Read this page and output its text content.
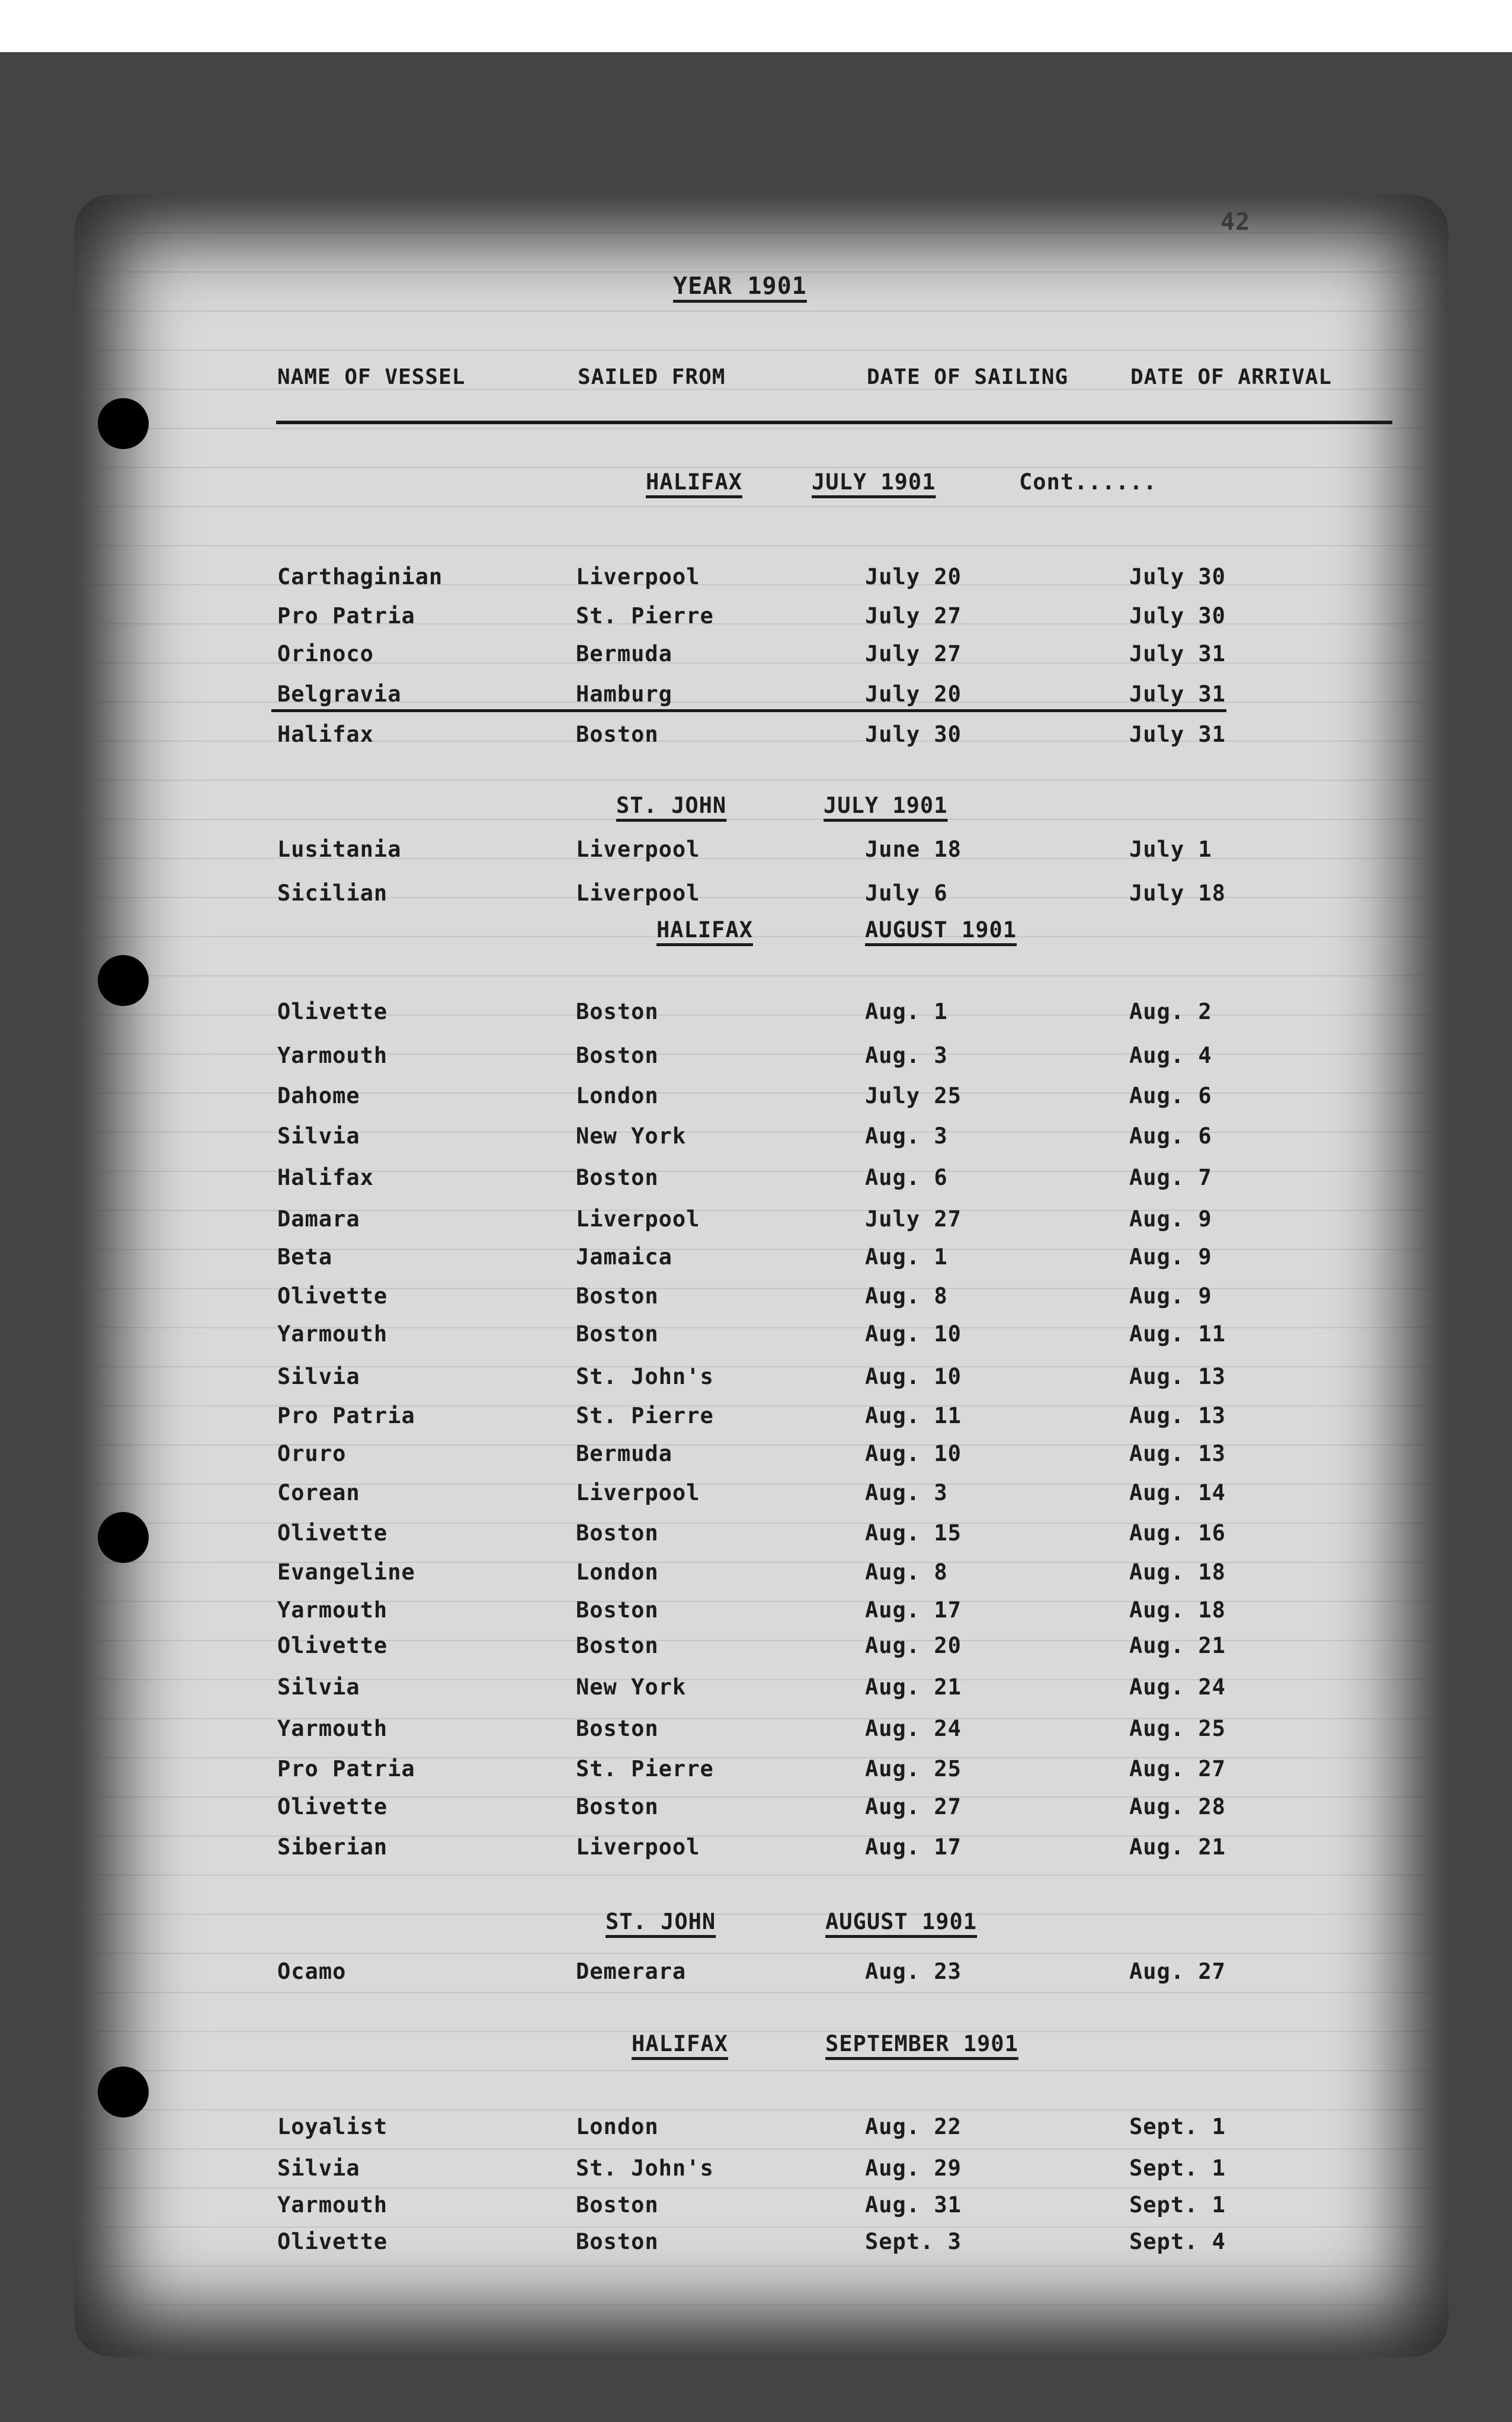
42
YEAR 1901
NAME OF VESSEL	SAILED FROM	DATE OF SAILING	DATE OF ARRIVAL
HALIFAX	JULY 1901	Cont......
Carthaginian	Liverpool	July 20	July 30
Pro Patria	St. Pierre	July 27	July 30
Orinoco	Bermuda	July 27	July 31
Belgravia	Hamburg	July 20	July 31
Halifax	Boston	July 30	July 31
ST. JOHN	JULY 1901
Lusitania	Liverpool	June 18	July 1
Sicilian	Liverpool	July 6	July 18
HALIFAX	AUGUST 1901
Olivette	Boston	Aug. 1	Aug. 2
Yarmouth	Boston	Aug. 3	Aug. 4
Dahome	London	July 25	Aug. 6
Silvia	New York	Aug. 3	Aug. 6
Halifax	Boston	Aug. 6	Aug. 7
Damara	Liverpool	July 27	Aug. 9
Beta	Jamaica	Aug. 1	Aug. 9
Olivette	Boston	Aug. 8	Aug. 9
Yarmouth	Boston	Aug. 10	Aug. 11
Silvia	St. John's	Aug. 10	Aug. 13
Pro Patria	St. Pierre	Aug. 11	Aug. 13
Oruro	Bermuda	Aug. 10	Aug. 13
Corean	Liverpool	Aug. 3	Aug. 14
Olivette	Boston	Aug. 15	Aug. 16
Evangeline	London	Aug. 8	Aug. 18
Yarmouth	Boston	Aug. 17	Aug. 18
Olivette	Boston	Aug. 20	Aug. 21
Silvia	New York	Aug. 21	Aug. 24
Yarmouth	Boston	Aug. 24	Aug. 25
Pro Patria	St. Pierre	Aug. 25	Aug. 27
Olivette	Boston	Aug. 27	Aug. 28
Siberian	Liverpool	Aug. 17	Aug. 21
ST. JOHN	AUGUST 1901
Ocamo	Demerara	Aug. 23	Aug. 27
HALIFAX	SEPTEMBER 1901
Loyalist	London	Aug. 22	Sept. 1
Silvia	St. John's	Aug. 29	Sept. 1
Yarmouth	Boston	Aug. 31	Sept. 1
Olivette	Boston	Sept. 3	Sept. 4
